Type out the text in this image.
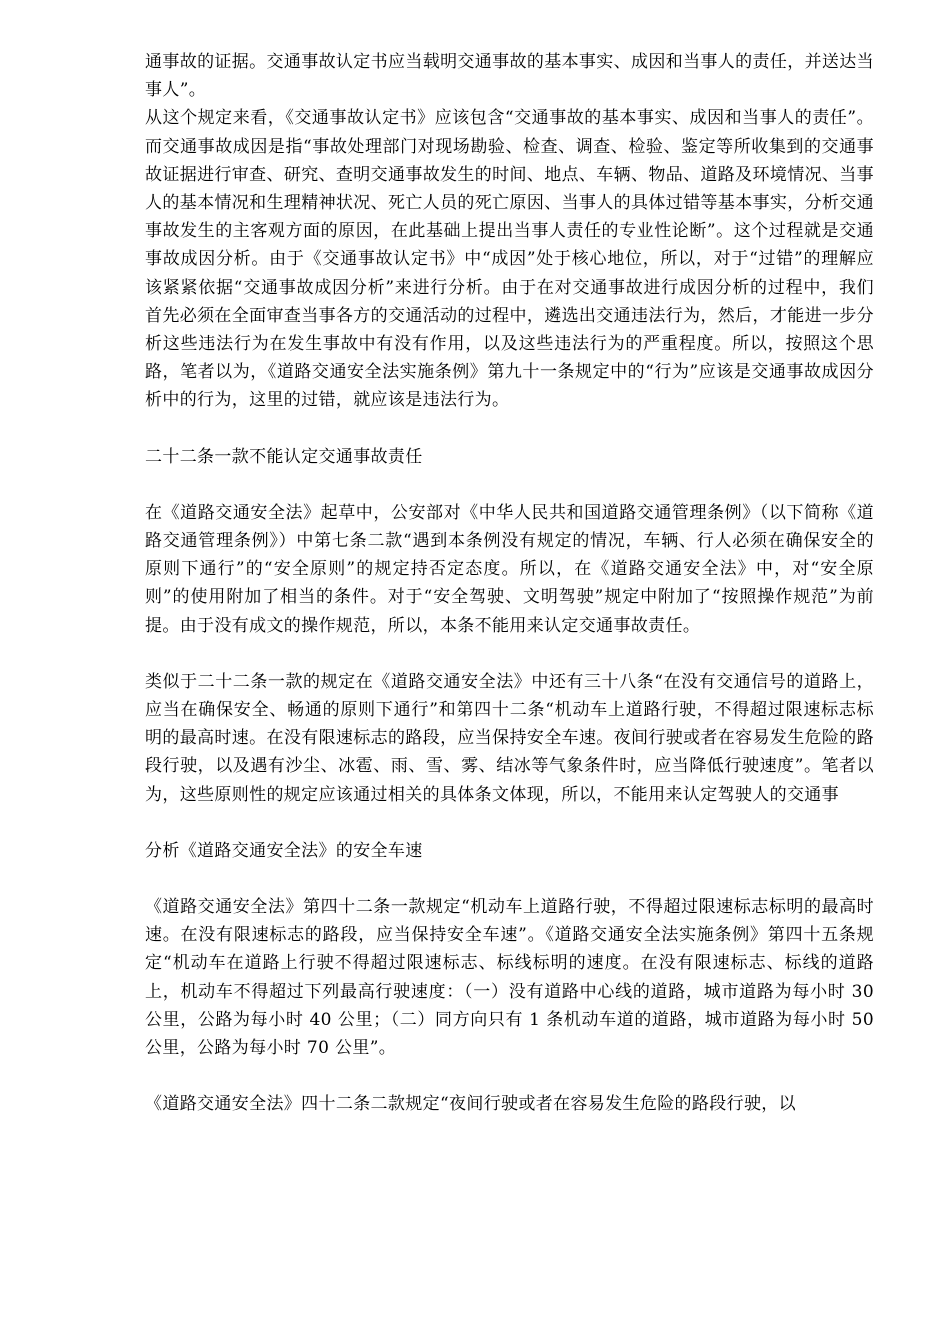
通事故的证据。交通事故认定书应当载明交通事故的基本事实、成因和当事人的责任，并送达当事人”。

从这个规定来看，《交通事故认定书》应该包含“交通事故的基本事实、成因和当事人的责任”。而交通事故成因是指“事故处理部门对现场勘验、检查、调查、检验、鉴定等所收集到的交通事故证据进行审查、研究、查明交通事故发生的时间、地点、车辆、物品、道路及环境情况、当事人的基本情况和生理精神状况、死亡人员的死亡原因、当事人的具体过错等基本事实，分析交通事故发生的主客观方面的原因，在此基础上提出当事人责任的专业性论断”。这个过程就是交通事故成因分析。由于《交通事故认定书》中“成因”处于核心地位，所以，对于“过错”的理解应该紧紧依据“交通事故成因分析”来进行分析。由于在对交通事故进行成因分析的过程中，我们首先必须在全面审查当事各方的交通活动的过程中，遴选出交通违法行为，然后，才能进一步分析这些违法行为在发生事故中有没有作用，以及这些违法行为的严重程度。所以，按照这个思路，笔者以为，《道路交通安全法实施条例》第九十一条规定中的“行为”应该是交通事故成因分析中的行为，这里的过错，就应该是违法行为。

二十二条一款不能认定交通事故责任

在《道路交通安全法》起草中，公安部对《中华人民共和国道路交通管理条例》（以下简称《道路交通管理条例》）中第七条二款“遇到本条例没有规定的情况，车辆、行人必须在确保安全的原则下通行”的“安全原则”的规定持否定态度。所以，在《道路交通安全法》中，对“安全原则”的使用附加了相当的条件。对于“安全驾驶、文明驾驶”规定中附加了“按照操作规范”为前提。由于没有成文的操作规范，所以，本条不能用来认定交通事故责任。

类似于二十二条一款的规定在《道路交通安全法》中还有三十八条“在没有交通信号的道路上，应当在确保安全、畅通的原则下通行”和第四十二条“机动车上道路行驶，不得超过限速标志标明的最高时速。在没有限速标志的路段，应当保持安全车速。夜间行驶或者在容易发生危险的路段行驶，以及遇有沙尘、冰雹、雨、雪、雾、结冰等气象条件时，应当降低行驶速度”。笔者以为，这些原则性的规定应该通过相关的具体条文体现，所以，不能用来认定驾驶人的交通事

分析《道路交通安全法》的安全车速

《道路交通安全法》第四十二条一款规定“机动车上道路行驶，不得超过限速标志标明的最高时速。在没有限速标志的路段，应当保持安全车速”。《道路交通安全法实施条例》第四十五条规定“机动车在道路上行驶不得超过限速标志、标线标明的速度。在没有限速标志、标线的道路上，机动车不得超过下列最高行驶速度：（一）没有道路中心线的道路，城市道路为每小时 30 公里，公路为每小时 40 公里；（二）同方向只有 1 条机动车道的道路，城市道路为每小时 50 公里，公路为每小时 70 公里”。

《道路交通安全法》四十二条二款规定“夜间行驶或者在容易发生危险的路段行驶，以
